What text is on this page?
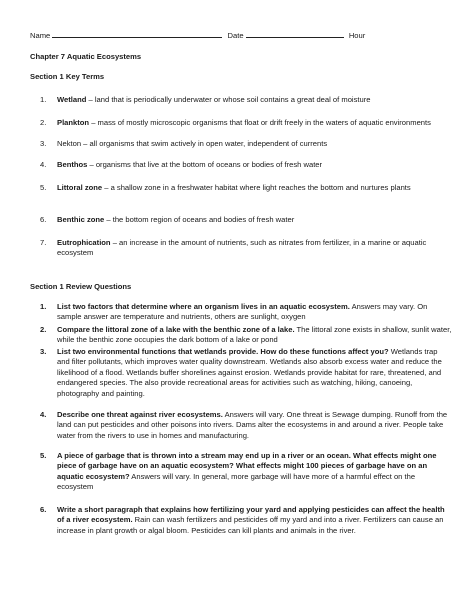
Name	Date	Hour
Chapter 7 Aquatic Ecosystems
Section 1 Key Terms
1. Wetland – land that is periodically underwater or whose soil contains a great deal of moisture
2. Plankton – mass of mostly microscopic organisms that float or drift freely in the waters of aquatic environments
3. Nekton – all organisms that swim actively in open water, independent of currents
4. Benthos – organisms that live at the bottom of oceans or bodies of fresh water
5. Littoral zone – a shallow zone in a freshwater habitat where light reaches the bottom and nurtures plants
6. Benthic zone – the bottom region of oceans and bodies of fresh water
7. Eutrophication – an increase in the amount of nutrients, such as nitrates from fertilizer, in a marine or aquatic ecosystem
Section 1 Review Questions
1. List two factors that determine where an organism lives in an aquatic ecosystem. Answers may vary. On sample answer are temperature and nutrients, others are sunlight, oxygen
2. Compare the littoral zone of a lake with the benthic zone of a lake. The littoral zone exists in shallow, sunlit water, while the benthic zone occupies the dark bottom of a lake or pond
3. List two environmental functions that wetlands provide. How do these functions affect you? Wetlands trap and filter pollutants, which improves water quality downstream. Wetlands also absorb excess water and reduce the likelihood of a flood. Wetlands buffer shorelines against erosion. Wetlands provide habitat for rare, threatened, and endangered species. The also provide recreational areas for activities such as watching, hiking, canoeing, photography and painting.
4. Describe one threat against river ecosystems. Answers will vary. One threat is Sewage dumping. Runoff from the land can put pesticides and other poisons into rivers. Dams alter the ecosystems in and around a river. People take water from the rivers to use in homes and manufacturing.
5. A piece of garbage that is thrown into a stream may end up in a river or an ocean. What effects might one piece of garbage have on an aquatic ecosystem? What effects might 100 pieces of garbage have on an aquatic ecosystem? Answers will vary. In general, more garbage will have more of a harmful effect on the ecosystem
6. Write a short paragraph that explains how fertilizing your yard and applying pesticides can affect the health of a river ecosystem. Rain can wash fertilizers and pesticides off my yard and into a river. Fertilizers can cause an increase in plant growth or algal bloom. Pesticides can kill plants and animals in the river.
